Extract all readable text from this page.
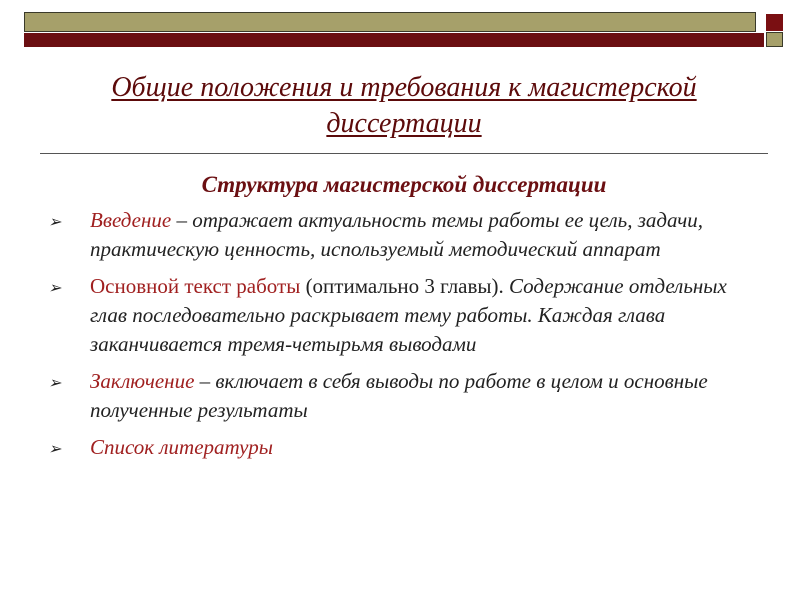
Общие положения и требования к магистерской диссертации
Структура магистерской диссертации
➢ Введение – отражает актуальность темы работы ее цель, задачи, практическую ценность, используемый методический аппарат
➢ Основной текст работы (оптимально 3 главы). Содержание отдельных глав последовательно раскрывает тему работы. Каждая глава заканчивается тремя-четырьмя выводами
➢ Заключение – включает в себя выводы по работе в целом и основные полученные результаты
➢ Список литературы
